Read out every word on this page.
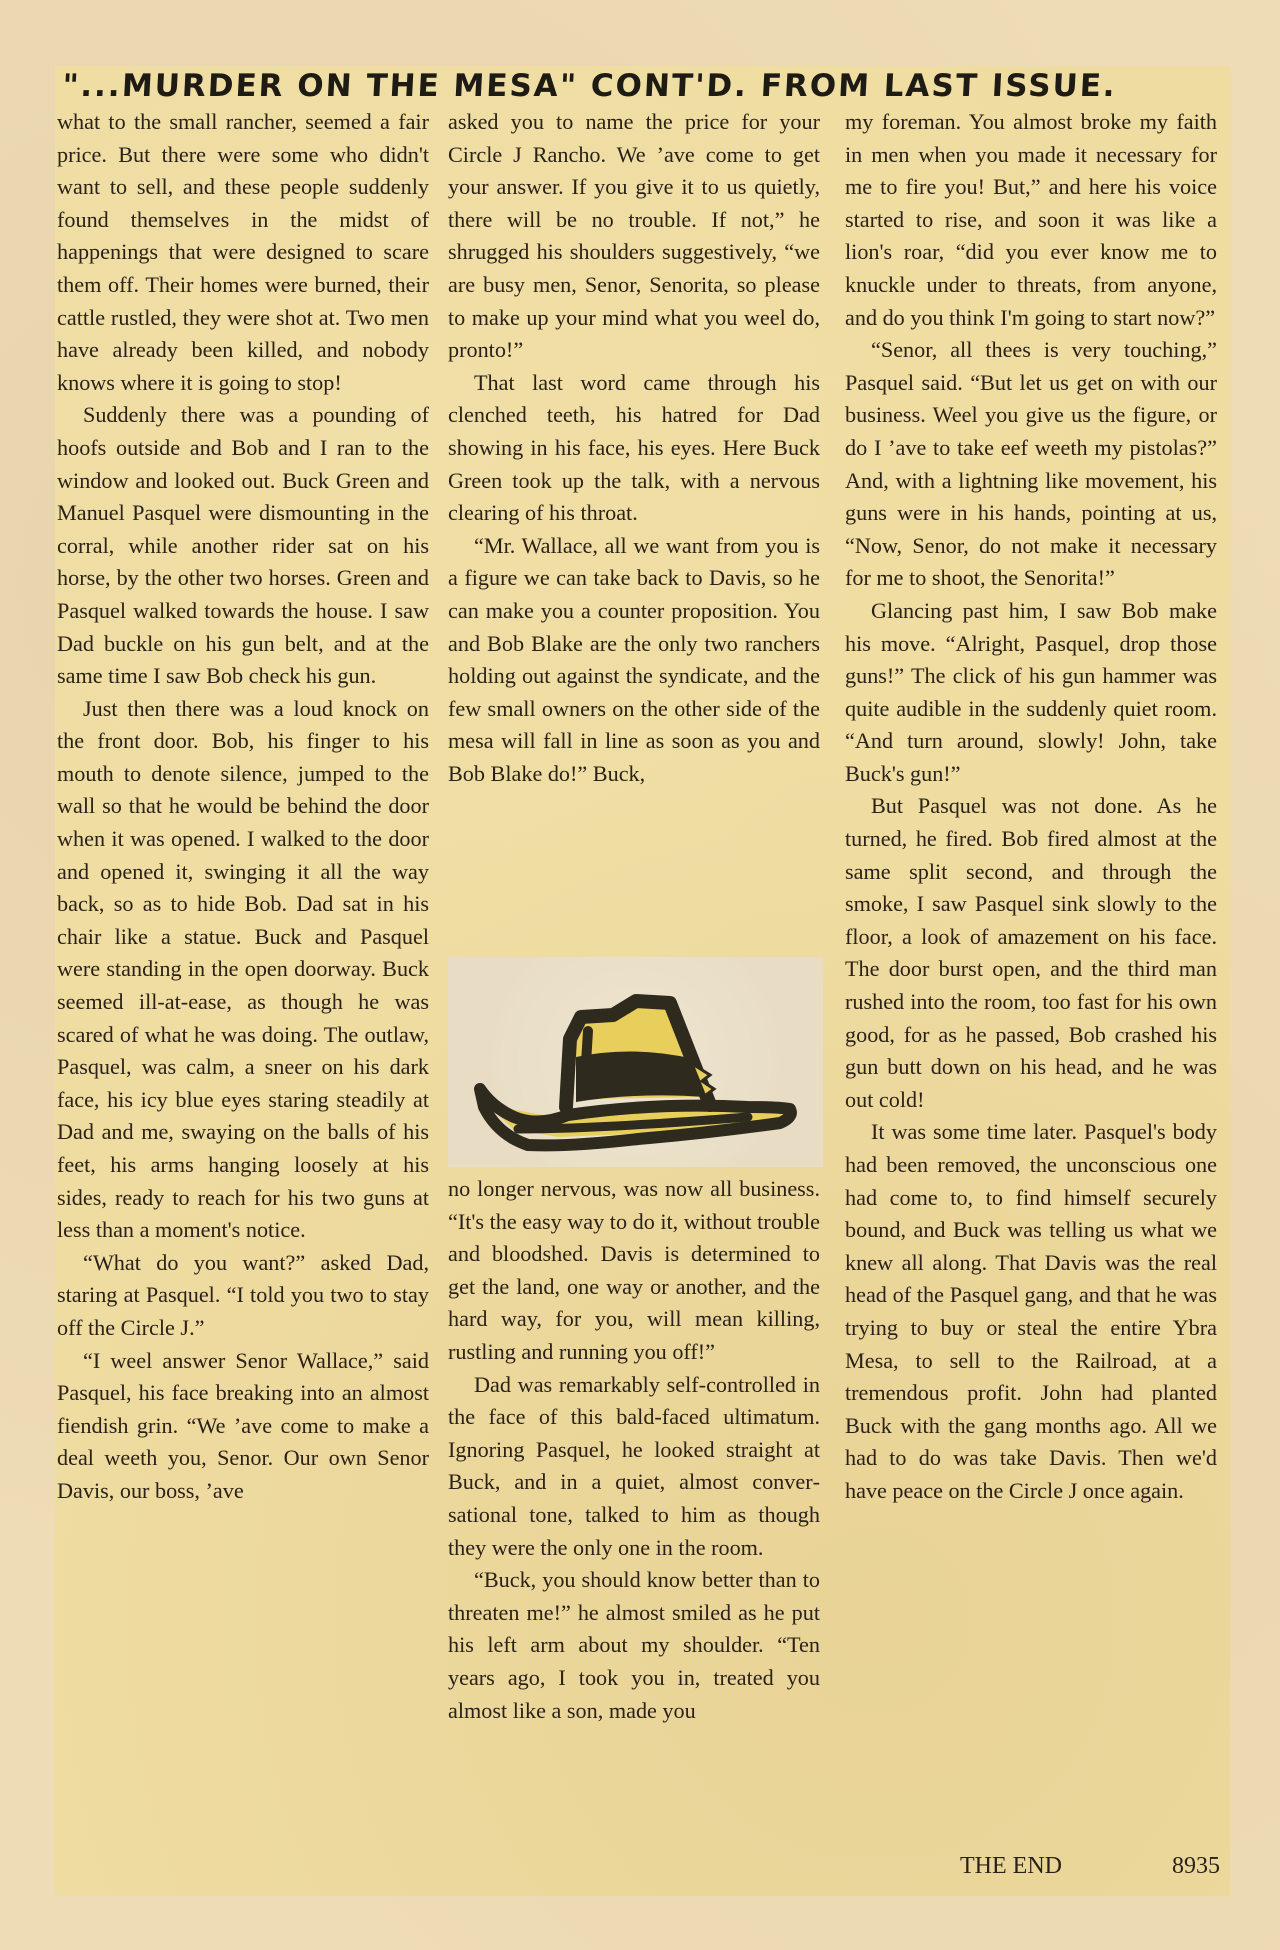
"...MURDER ON THE MESA" CONT'D. FROM LAST ISSUE.

what to the small rancher, seemed a fair price. But there were some who didn't want to sell, and these people suddenly found themselves in the midst of happenings that were designed to scare them off. Their homes were burned, their cattle rustled, they were shot at. Two men have already been killed, and nobody knows where it is going to stop!

Suddenly there was a pounding of hoofs outside and Bob and I ran to the window and looked out. Buck Green and Manuel Pasquel were dismounting in the corral, while another rider sat on his horse, by the other two horses. Green and Pasquel walked towards the house. I saw Dad buckle on his gun belt, and at the same time I saw Bob check his gun.

Just then there was a loud knock on the front door. Bob, his finger to his mouth to denote silence, jumped to the wall so that he would be behind the door when it was opened. I walked to the door and opened it, swinging it all the way back, so as to hide Bob. Dad sat in his chair like a statue. Buck and Pasquel were standing in the open doorway. Buck seemed ill-at-ease, as though he was scared of what he was doing. The outlaw, Pasquel, was calm, a sneer on his dark face, his icy blue eyes staring steadily at Dad and me, swaying on the balls of his feet, his arms hanging loosely at his sides, ready to reach for his two guns at less than a moment's notice.

“What do you want?” asked Dad, staring at Pasquel. “I told you two to stay off the Circle J.”

“I weel answer Senor Wallace,” said Pasquel, his face breaking into an almost fiendish grin. “We ’ave come to make a deal weeth you, Senor. Our own Senor Davis, our boss, ’ave

asked you to name the price for your Circle J Rancho. We ’ave come to get your answer. If you give it to us quietly, there will be no trouble. If not,” he shrugged his shoulders suggestively, “we are busy men, Senor, Senorita, so please to make up your mind what you weel do, pronto!”

That last word came through his clenched teeth, his hatred for Dad showing in his face, his eyes. Here Buck Green took up the talk, with a nervous clearing of his throat.

“Mr. Wallace, all we want from you is a figure we can take back to Davis, so he can make you a counter proposition. You and Bob Blake are the only two ranchers holding out against the syndicate, and the few small owners on the other side of the mesa will fall in line as soon as you and Bob Blake do!” Buck,

no longer nervous, was now all business. “It's the easy way to do it, without trouble and bloodshed. Davis is determined to get the land, one way or another, and the hard way, for you, will mean killing, rustling and running you off!”

Dad was remarkably self-controlled in the face of this bald-faced ultimatum. Ignoring Pasquel, he looked straight at Buck, and in a quiet, almost conversational tone, talked to him as though they were the only one in the room.

“Buck, you should know better than to threaten me!” he almost smiled as he put his left arm about my shoulder. “Ten years ago, I took you in, treated you almost like a son, made you

my foreman. You almost broke my faith in men when you made it necessary for me to fire you! But,” and here his voice started to rise, and soon it was like a lion's roar, “did you ever know me to knuckle under to threats, from anyone, and do you think I'm going to start now?”

“Senor, all thees is very touching,” Pasquel said. “But let us get on with our business. Weel you give us the figure, or do I ’ave to take eef weeth my pistolas?” And, with a lightning like movement, his guns were in his hands, pointing at us, “Now, Senor, do not make it necessary for me to shoot, the Senorita!”

Glancing past him, I saw Bob make his move. “Alright, Pasquel, drop those guns!” The click of his gun hammer was quite audible in the suddenly quiet room. “And turn around, slowly! John, take Buck's gun!”

But Pasquel was not done. As he turned, he fired. Bob fired almost at the same split second, and through the smoke, I saw Pasquel sink slowly to the floor, a look of amazement on his face. The door burst open, and the third man rushed into the room, too fast for his own good, for as he passed, Bob crashed his gun butt down on his head, and he was out cold!

It was some time later. Pasquel's body had been removed, the unconscious one had come to, to find himself securely bound, and Buck was telling us what we knew all along. That Davis was the real head of the Pasquel gang, and that he was trying to buy or steal the entire Ybra Mesa, to sell to the Railroad, at a tremendous profit. John had planted Buck with the gang months ago. All we had to do was take Davis. Then we'd have peace on the Circle J once again.

THE END	8935
